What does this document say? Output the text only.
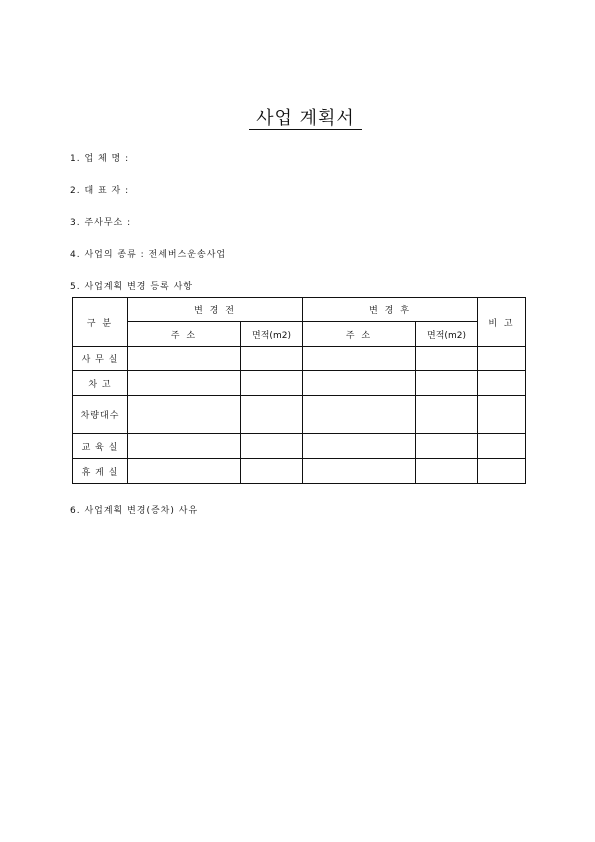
사업 계획서
1. 업 체 명 :
2. 대 표 자 :
3. 주사무소 :
4. 사업의 종류 : 전세버스운송사업
5. 사업계획 변경 등록 사항
구 분	변 경 전		변 경 후		비 고
	주 소	면적(m2)	주 소	면적(m2)	
사 무 실					
차 고					
차량대수					
교 육 실					
휴 게 실					
6. 사업계획 변경(증차) 사유
